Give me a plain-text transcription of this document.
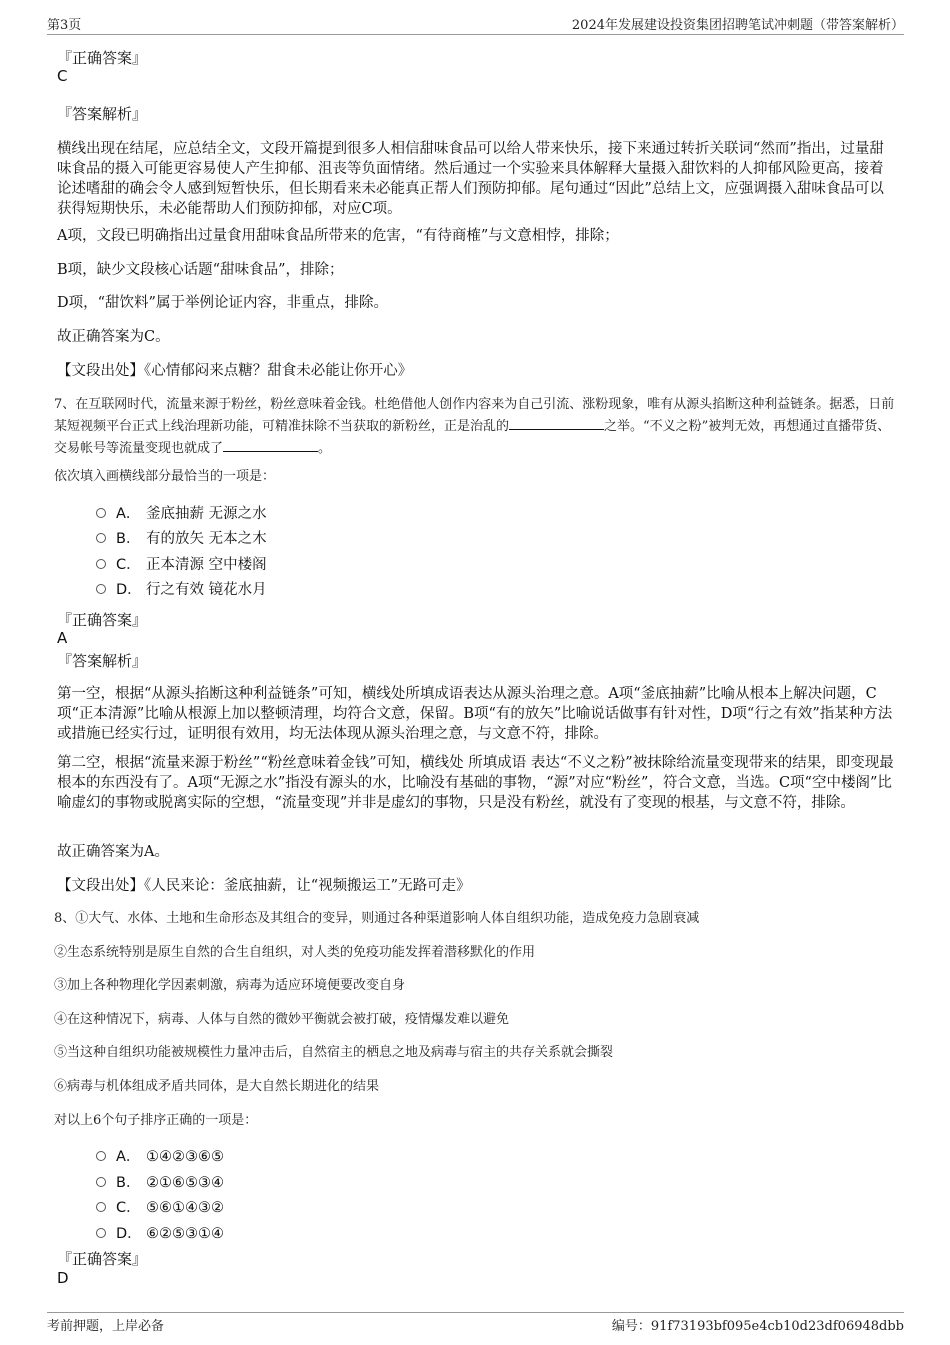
第3页	2024年发展建设投资集团招聘笔试冲刺题（带答案解析）
『正确答案』
C
『答案解析』
横线出现在结尾，应总结全文，文段开篇提到很多人相信甜味食品可以给人带来快乐，接下来通过转折关联词“然而”指出，过量甜味食品的摄入可能更容易使人产生抑郁、沮丧等负面情绪。然后通过一个实验来具体解释大量摄入甜饮料的人抑郁风险更高，接着论述嗜甜的确会令人感到短暂快乐，但长期看来未必能真正帮人们预防抑郁。尾句通过“因此”总结上文，应强调摄入甜味食品可以获得短期快乐，未必能帮助人们预防抑郁，对应C项。
A项，文段已明确指出过量食用甜味食品所带来的危害，“有待商榷”与文意相悖，排除；
B项，缺少文段核心话题“甜味食品”，排除；
D项，“甜饮料”属于举例论证内容，非重点，排除。
故正确答案为C。
【文段出处】《心情郁闷来点糖？甜食未必能让你开心》
7、在互联网时代，流量来源于粉丝，粉丝意味着金钱。杜绝借他人创作内容来为自己引流、涨粉现象，唯有从源头掐断这种利益链条。据悉，日前某短视频平台正式上线治理新功能，可精准抹除不当获取的新粉丝，正是治乱的	之举。“不义之粉”被判无效，再想通过直播带货、交易帐号等流量变现也就成了	。
依次填入画横线部分最恰当的一项是：
A． 釜底抽薪 无源之水
B． 有的放矢 无本之木
C． 正本清源 空中楼阁
D． 行之有效 镜花水月
『正确答案』
A
『答案解析』
第一空，根据“从源头掐断这种利益链条”可知，横线处所填成语表达从源头治理之意。A项“釜底抽薪”比喻从根本上解决问题，C项“正本清源”比喻从根源上加以整顿清理，均符合文意，保留。B项“有的放矢”比喻说话做事有针对性，D项“行之有效”指某种方法或措施已经实行过，证明很有效用，均无法体现从源头治理之意，与文意不符，排除。
第二空，根据“流量来源于粉丝”“粉丝意味着金钱”可知，横线处 所填成语 表达“不义之粉”被抹除给流量变现带来的结果，即变现最根本的东西没有了。A项“无源之水”指没有源头的水，比喻没有基础的事物，“源”对应“粉丝”，符合文意，当选。C项“空中楼阁”比喻虚幻的事物或脱离实际的空想，“流量变现”并非是虚幻的事物，只是没有粉丝，就没有了变现的根基，与文意不符，排除。
故正确答案为A。
【文段出处】《人民来论：釜底抽薪，让“视频搬运工”无路可走》
8、①大气、水体、土地和生命形态及其组合的变异，则通过各种渠道影响人体自组织功能，造成免疫力急剧衰减
②生态系统特别是原生自然的合生自组织，对人类的免疫功能发挥着潜移默化的作用
③加上各种物理化学因素刺激，病毒为适应环境便要改变自身
④在这种情况下，病毒、人体与自然的微妙平衡就会被打破，疫情爆发难以避免
⑤当这种自组织功能被规模性力量冲击后，自然宿主的栖息之地及病毒与宿主的共存关系就会撕裂
⑥病毒与机体组成矛盾共同体，是大自然长期进化的结果
对以上6个句子排序正确的一项是：
A． ①④②③⑥⑤
B． ②①⑥⑤③④
C． ⑤⑥①④③②
D． ⑥②⑤③①④
『正确答案』
D
考前押题，上岸必备	编号：91f73193bf095e4cb10d23df06948dbb
